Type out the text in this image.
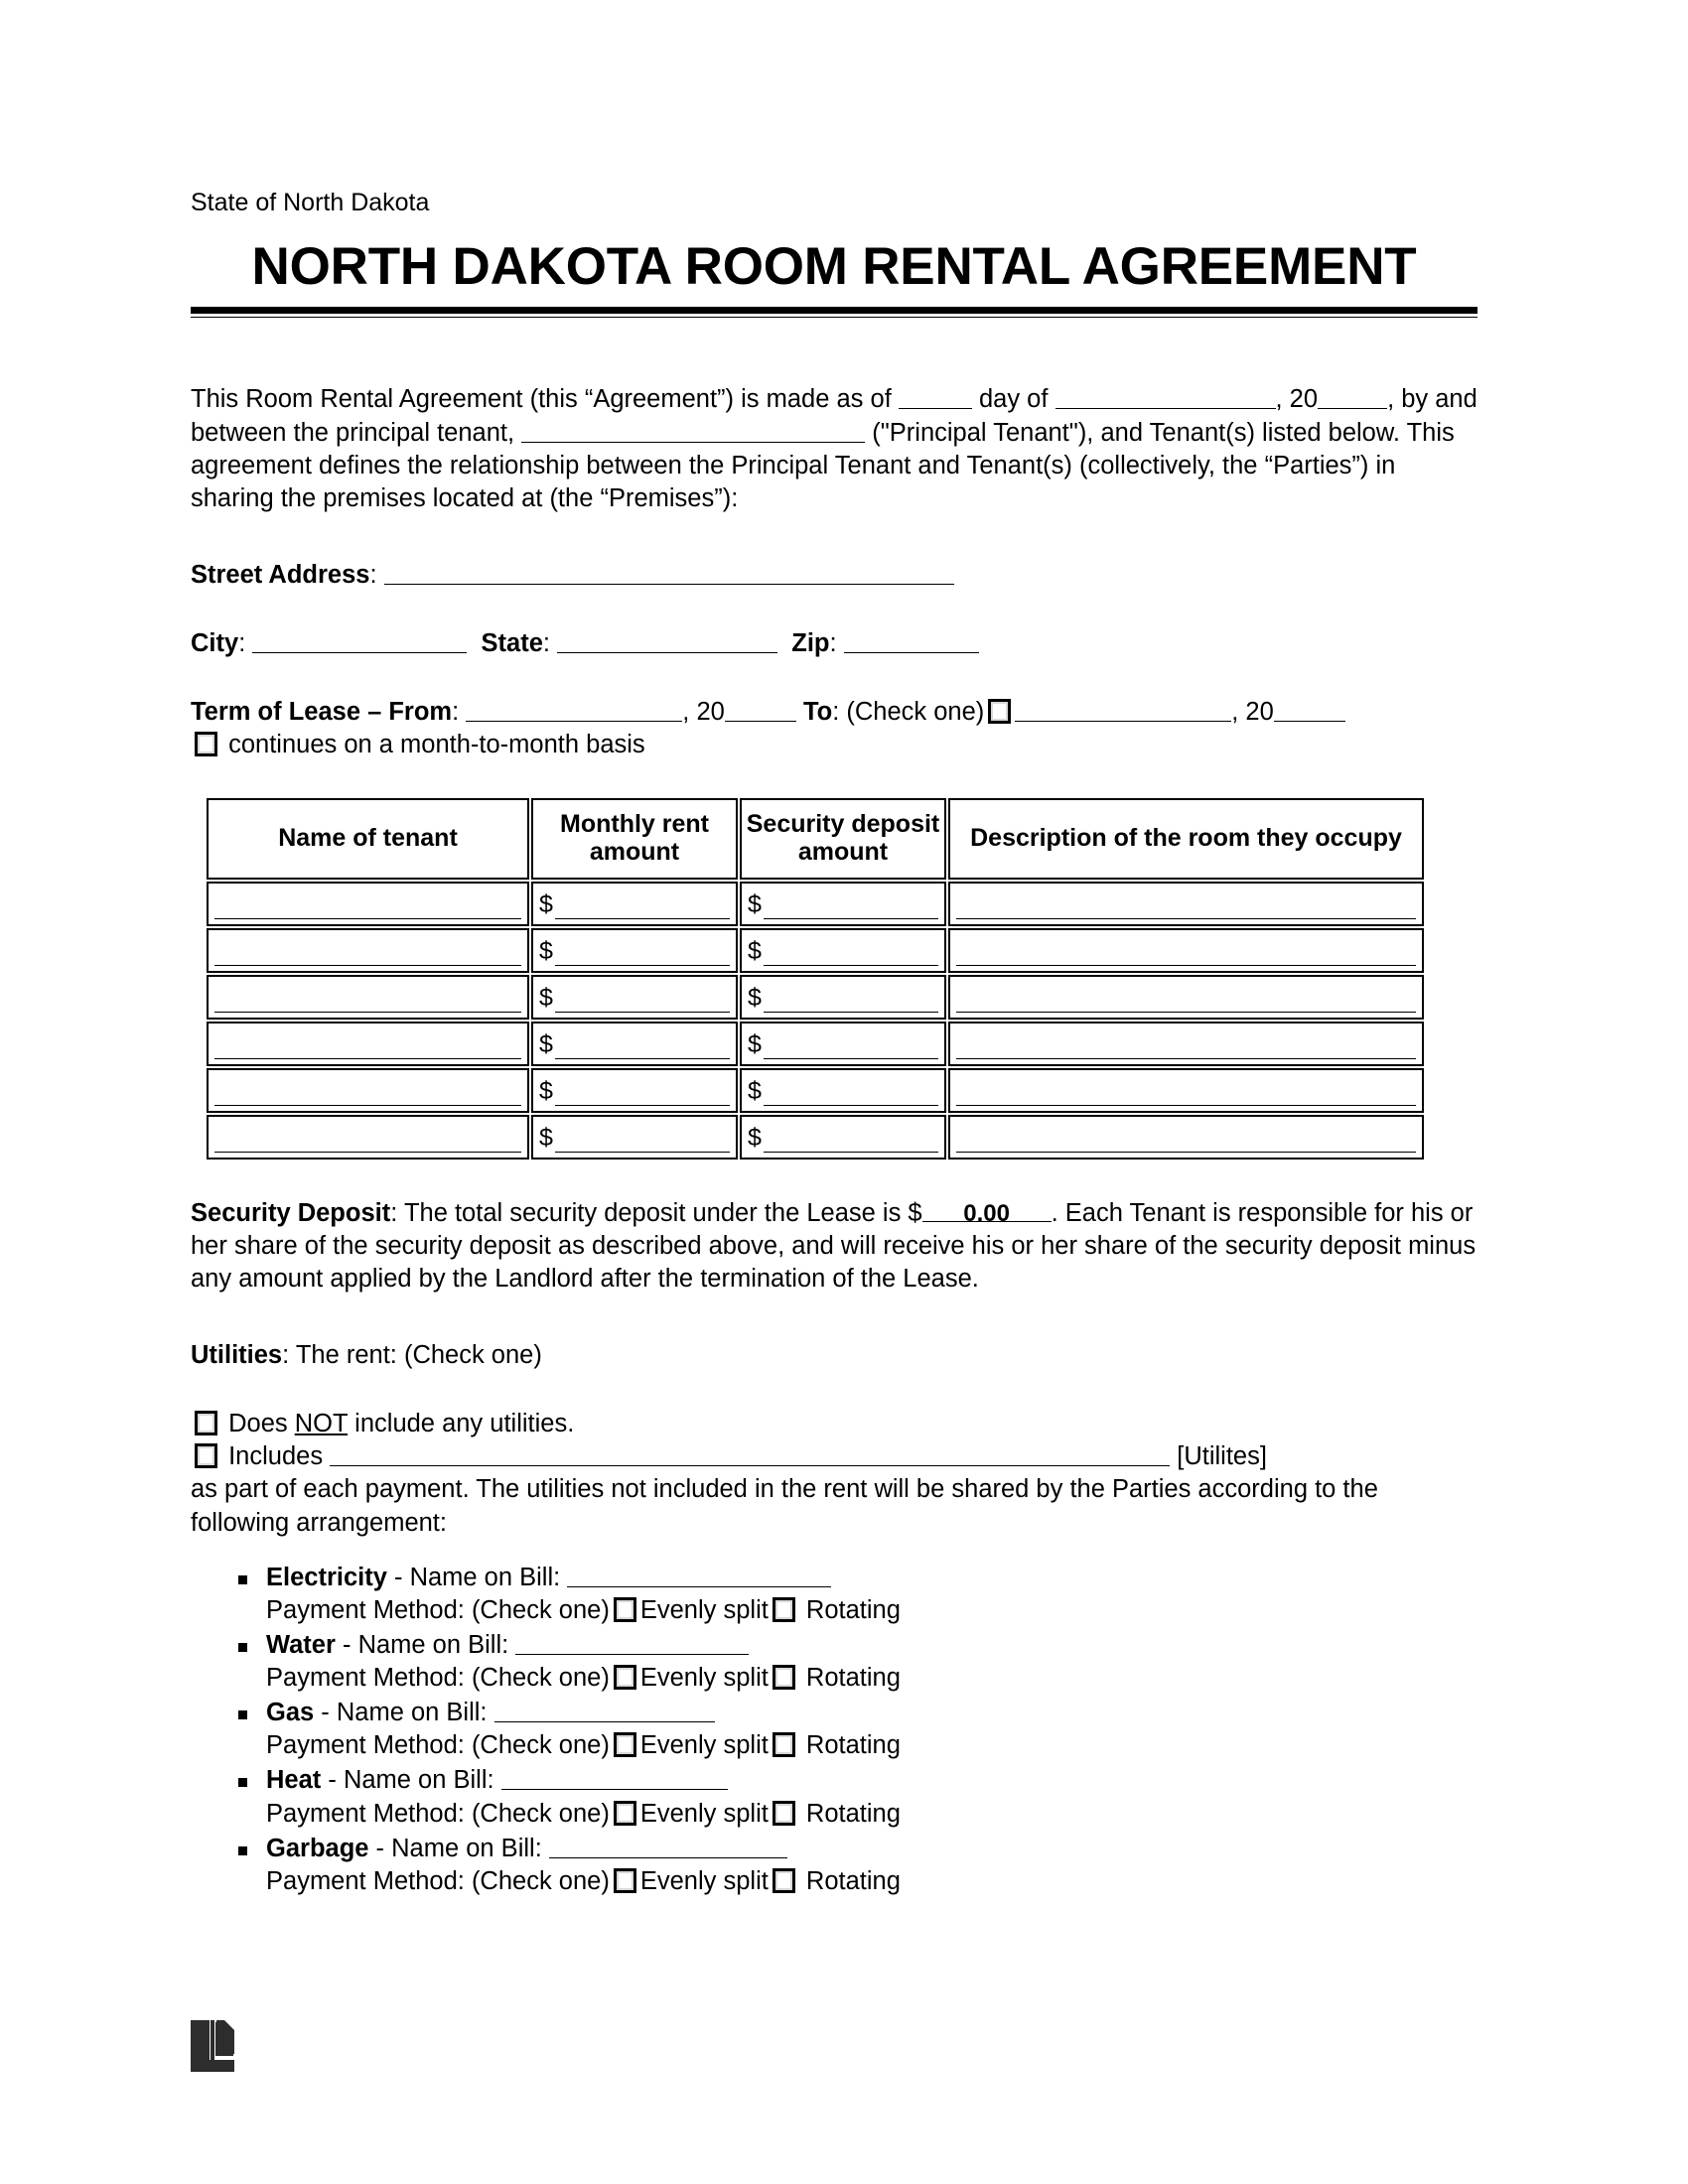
State of North Dakota
NORTH DAKOTA ROOM RENTAL AGREEMENT

This Room Rental Agreement (this “Agreement”) is made as of	day of	, 20	, by and between the principal tenant,	("Principal Tenant"), and Tenant(s) listed below. This agreement defines the relationship between the Principal Tenant and Tenant(s) (collectively, the “Parties”) in sharing the premises located at (the “Premises”):

Street Address:

City:	State:	Zip:

Term of Lease – From:	, 20	To: (Check one)	, 20
continues on a month-to-month basis

Name of tenant	Monthly rent amount	Security deposit amount	Description of the room they occupy

	$	$	

	$	$	

	$	$	

	$	$	

	$	$	

	$	$	

Security Deposit: The total security deposit under the Lease is $ 0.00 . Each Tenant is responsible for his or her share of the security deposit as described above, and will receive his or her share of the security deposit minus any amount applied by the Landlord after the termination of the Lease.

Utilities: The rent: (Check one)

Does NOT include any utilities.

Includes	[Utilites]
as part of each payment. The utilities not included in the rent will be shared by the Parties according to the following arrangement:

Electricity - Name on Bill:
Payment Method: (Check one) Evenly split Rotating
Water - Name on Bill:
Payment Method: (Check one) Evenly split Rotating
Gas - Name on Bill:
Payment Method: (Check one) Evenly split Rotating
Heat - Name on Bill:
Payment Method: (Check one) Evenly split Rotating
Garbage - Name on Bill:
Payment Method: (Check one) Evenly split Rotating
